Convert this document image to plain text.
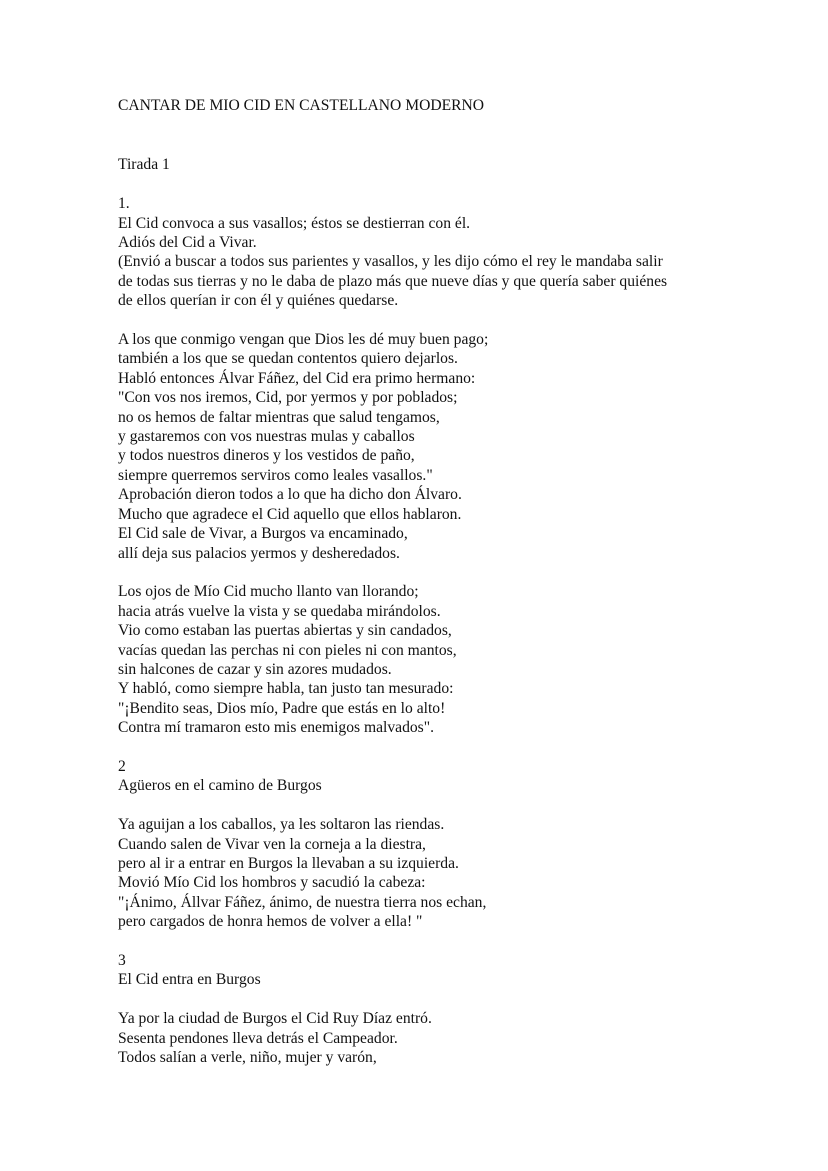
CANTAR DE MIO CID EN CASTELLANO MODERNO
Tirada 1
1.
El Cid convoca a sus vasallos; éstos se destierran con él.
Adiós del Cid a Vivar.
(Envió a buscar a todos sus parientes y vasallos, y les dijo cómo el rey le mandaba salir
de todas sus tierras y no le daba de plazo más que nueve días y que quería saber quiénes
de ellos querían ir con él y quiénes quedarse.
A los que conmigo vengan que Dios les dé muy buen pago;
también a los que se quedan contentos quiero dejarlos.
Habló entonces Álvar Fáñez, del Cid era primo hermano:
"Con vos nos iremos, Cid, por yermos y por poblados;
no os hemos de faltar mientras que salud tengamos,
y gastaremos con vos nuestras mulas y caballos
y todos nuestros dineros y los vestidos de paño,
siempre querremos serviros como leales vasallos."
Aprobación dieron todos a lo que ha dicho don Álvaro.
Mucho que agradece el Cid aquello que ellos hablaron.
El Cid sale de Vivar, a Burgos va encaminado,
allí deja sus palacios yermos y desheredados.
Los ojos de Mío Cid mucho llanto van llorando;
hacia atrás vuelve la vista y se quedaba mirándolos.
Vio como estaban las puertas abiertas y sin candados,
vacías quedan las perchas ni con pieles ni con mantos,
sin halcones de cazar y sin azores mudados.
Y habló, como siempre habla, tan justo tan mesurado:
"¡Bendito seas, Dios mío, Padre que estás en lo alto!
Contra mí tramaron esto mis enemigos malvados".
2
Agüeros en el camino de Burgos
Ya aguijan a los caballos, ya les soltaron las riendas.
Cuando salen de Vivar ven la corneja a la diestra,
pero al ir a entrar en Burgos la llevaban a su izquierda.
Movió Mío Cid los hombros y sacudió la cabeza:
"¡Ánimo, Állvar Fáñez, ánimo, de nuestra tierra nos echan,
pero cargados de honra hemos de volver a ella! "
3
El Cid entra en Burgos
Ya por la ciudad de Burgos el Cid Ruy Díaz entró.
Sesenta pendones lleva detrás el Campeador.
Todos salían a verle, niño, mujer y varón,
